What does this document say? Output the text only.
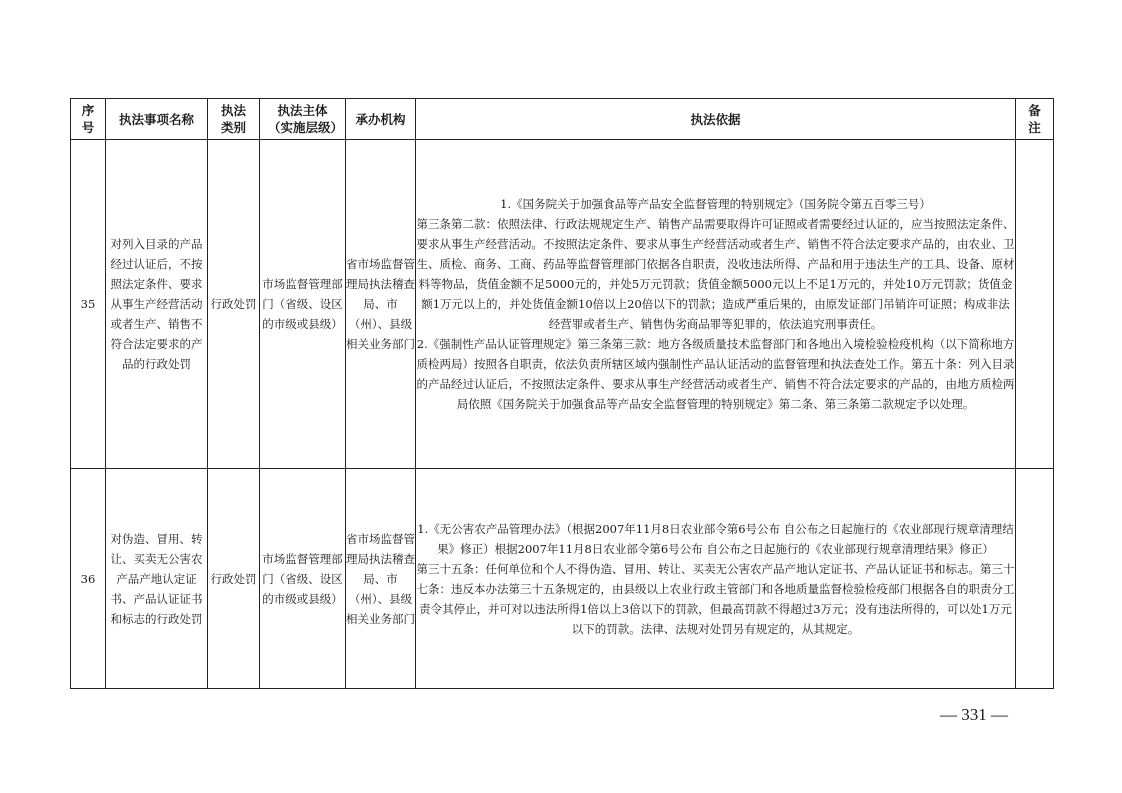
序号	执法事项名称	执法类别	执法主体（实施层级）	承办机构	执法依据	备注
35	对列入目录的产品经过认证后，不按照法定条件、要求从事生产经营活动或者生产、销售不符合法定要求的产品的行政处罚	行政处罚	市场监督管理部门（省级、设区的市级或县级）	省市场监督管理局执法稽查局、市（州）、县级相关业务部门	1.《国务院关于加强食品等产品安全监督管理的特别规定》（国务院令第五百零三号）

第三条第二款：依照法律、行政法规规定生产、销售产品需要取得许可证照或者需要经过认证的，应当按照法定条件、要求从事生产经营活动。不按照法定条件、要求从事生产经营活动或者生产、销售不符合法定要求产品的，由农业、卫生、质检、商务、工商、药品等监督管理部门依据各自职责，没收违法所得、产品和用于违法生产的工具、设备、原材料等物品，货值金额不足5000元的，并处5万元罚款；货值金额5000元以上不足1万元的，并处10万元罚款；货值金额1万元以上的，并处货值金额10倍以上20倍以下的罚款；造成严重后果的，由原发证部门吊销许可证照；构成非法经营罪或者生产、销售伪劣商品罪等犯罪的，依法追究刑事责任。

2.《强制性产品认证管理规定》第三条第三款：地方各级质量技术监督部门和各地出入境检验检疫机构（以下简称地方质检两局）按照各自职责，依法负责所辖区域内强制性产品认证活动的监督管理和执法查处工作。第五十条：列入目录的产品经过认证后，不按照法定条件、要求从事生产经营活动或者生产、销售不符合法定要求的产品的，由地方质检两局依照《国务院关于加强食品等产品安全监督管理的特别规定》第二条、第三条第二款规定予以处理。	

36	对伪造、冒用、转让、买卖无公害农产品产地认定证书、产品认证证书和标志的行政处罚	行政处罚	市场监督管理部门（省级、设区的市级或县级）	省市场监督管理局执法稽查局、市（州）、县级相关业务部门	1.《无公害农产品管理办法》（根据2007年11月8日农业部令第6号公布 自公布之日起施行的《农业部现行规章清理结果》修正）根据2007年11月8日农业部令第6号公布 自公布之日起施行的《农业部现行规章清理结果》修正）

第三十五条：任何单位和个人不得伪造、冒用、转让、买卖无公害农产品产地认定证书、产品认证证书和标志。第三十七条：违反本办法第三十五条规定的，由县级以上农业行政主管部门和各地质量监督检验检疫部门根据各自的职责分工责令其停止，并可对以违法所得1倍以上3倍以下的罚款，但最高罚款不得超过3万元；没有违法所得的，可以处1万元以下的罚款。法律、法规对处罚另有规定的，从其规定。	

— 331 —
